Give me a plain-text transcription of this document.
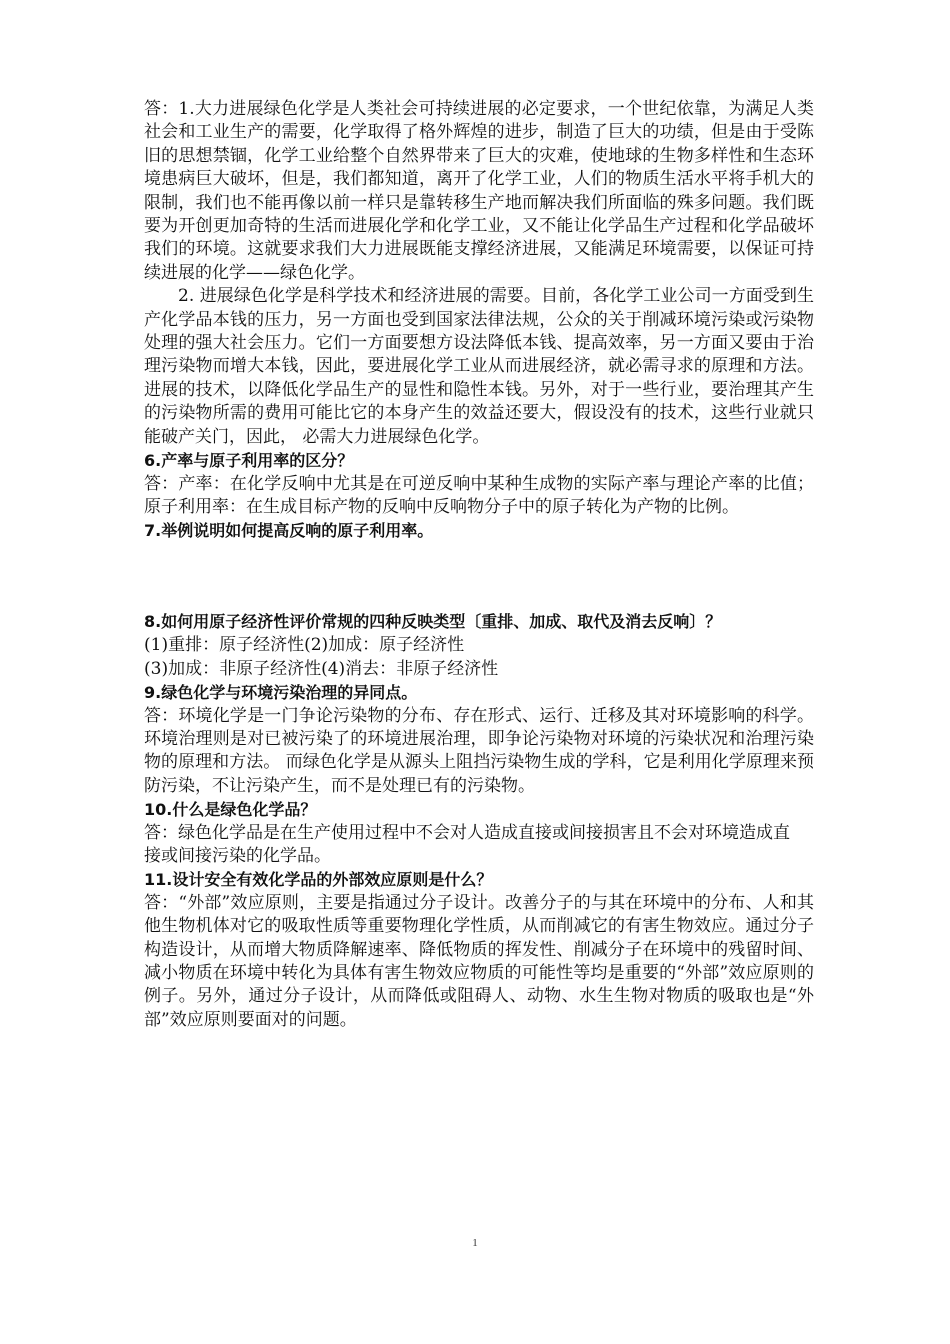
答：1.大力进展绿色化学是人类社会可持续进展的必定要求，一个世纪依靠，为满足人类社会和工业生产的需要，化学取得了格外辉煌的进步，制造了巨大的功绩，但是由于受陈旧的思想禁锢，化学工业给整个自然界带来了巨大的灾难，使地球的生物多样性和生态环境患病巨大破坏，但是，我们都知道，离开了化学工业，人们的物质生活水平将手机大的限制，我们也不能再像以前一样只是靠转移生产地而解决我们所面临的殊多问题。我们既要为开创更加奇特的生活而进展化学和化学工业，又不能让化学品生产过程和化学品破坏我们的环境。这就要求我们大力进展既能支撑经济进展，又能满足环境需要，以保证可持续进展的化学——绿色化学。

2. 进展绿色化学是科学技术和经济进展的需要。目前，各化学工业公司一方面受到生产化学品本钱的压力，另一方面也受到国家法律法规，公众的关于削减环境污染或污染物处理的强大社会压力。它们一方面要想方设法降低本钱、提高效率，另一方面又要由于治理污染物而增大本钱，因此，要进展化学工业从而进展经济，就必需寻求的原理和方法。进展的技术，以降低化学品生产的显性和隐性本钱。另外，对于一些行业，要治理其产生的污染物所需的费用可能比它的本身产生的效益还要大，假设没有的技术，这些行业就只能破产关门，因此， 必需大力进展绿色化学。

6.产率与原子利用率的区分？

答：产率：在化学反响中尤其是在可逆反响中某种生成物的实际产率与理论产率的比值；原子利用率：在生成目标产物的反响中反响物分子中的原子转化为产物的比例。

7.举例说明如何提高反响的原子利用率。

8.如何用原子经济性评价常规的四种反映类型〔重排、加成、取代及消去反响〕？

(1)重排：原子经济性(2)加成：原子经济性

(3)加成：非原子经济性(4)消去：非原子经济性

9.绿色化学与环境污染治理的异同点。

答：环境化学是一门争论污染物的分布、存在形式、运行、迁移及其对环境影响的科学。环境治理则是对已被污染了的环境进展治理，即争论污染物对环境的污染状况和治理污染物的原理和方法。 而绿色化学是从源头上阻挡污染物生成的学科，它是利用化学原理来预防污染，不让污染产生，而不是处理已有的污染物。

10.什么是绿色化学品？

答：绿色化学品是在生产使用过程中不会对人造成直接或间接损害且不会对环境造成直接或间接污染的化学品。

11.设计安全有效化学品的外部效应原则是什么？

答：“外部”效应原则，主要是指通过分子设计。改善分子的与其在环境中的分布、人和其他生物机体对它的吸取性质等重要物理化学性质，从而削减它的有害生物效应。通过分子构造设计，从而增大物质降解速率、降低物质的挥发性、削减分子在环境中的残留时间、减小物质在环境中转化为具体有害生物效应物质的可能性等均是重要的“外部”效应原则的例子。另外，通过分子设计，从而降低或阻碍人、动物、水生生物对物质的吸取也是“外部”效应原则要面对的问题。

1
